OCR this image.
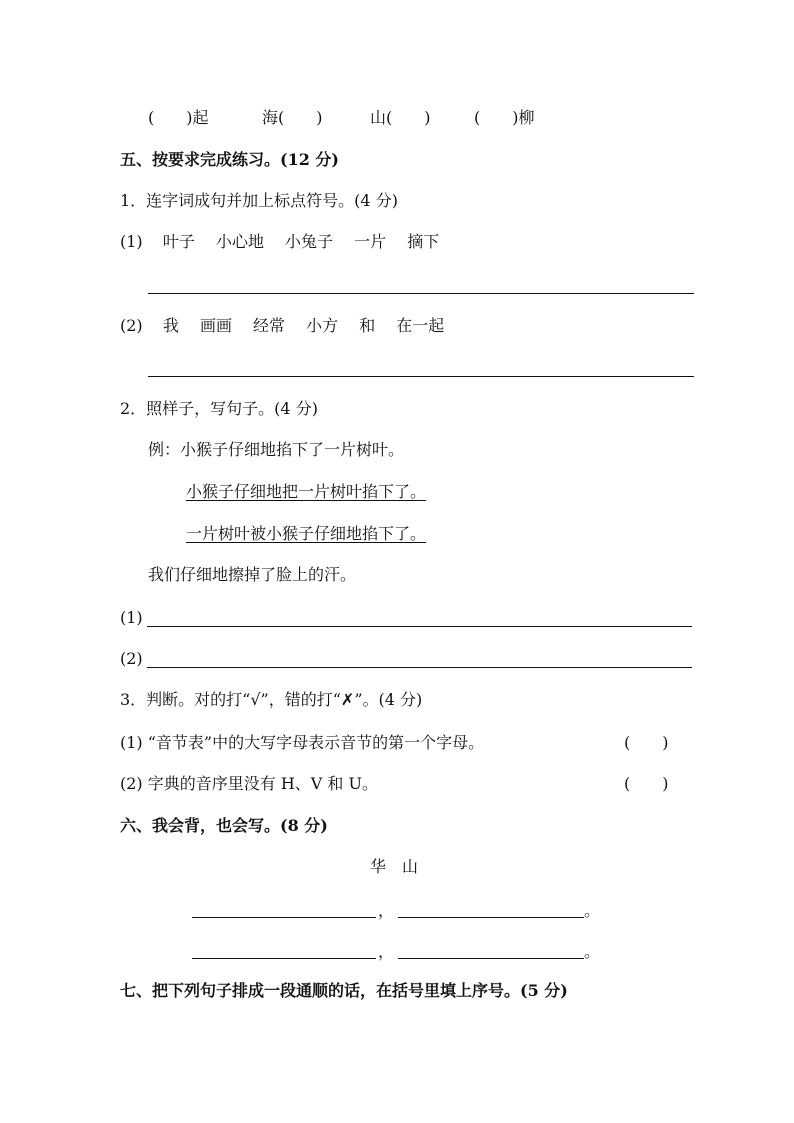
(　　)起	海(　　)	山(　　)	(　　)柳
五、按要求完成练习。(12 分)
1．连字词成句并加上标点符号。(4 分)
(1) 叶子　 小心地　 小兔子　 一片　 摘下
(2) 我　 画画　 经常　 小方　 和　 在一起
2．照样子，写句子。(4 分)
例：小猴子仔细地掐下了一片树叶。
小猴子仔细地把一片树叶掐下了。
一片树叶被小猴子仔细地掐下了。
我们仔细地擦掉了脸上的汗。
(1)
(2)
3．判断。对的打“√”，错的打“✗”。(4 分)
(1) “音节表”中的大写字母表示音节的第一个字母。	(　　)
(2) 字典的音序里没有 H、V 和 U。	(　　)
六、我会背，也会写。(8 分)
华　山
，	。
，	。
七、把下列句子排成一段通顺的话，在括号里填上序号。(5 分)
